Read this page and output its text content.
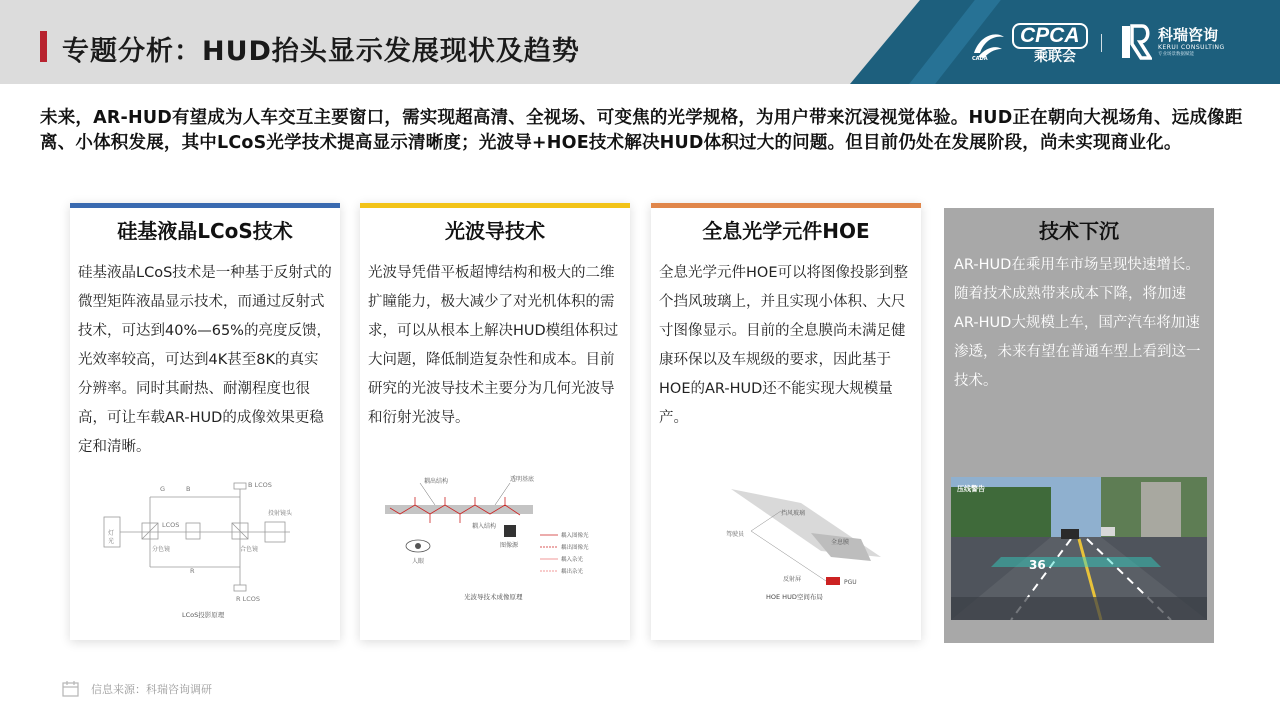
专题分析：HUD抬头显示发展现状及趋势	CADA
CPCA
乘联会
科瑞咨询
KERUI CONSULTING
专业场景数据赋能
未来，AR-HUD有望成为人车交互主要窗口，需实现超高清、全视场、可变焦的光学规格，为用户带来沉浸视觉体验。HUD正在朝向大视场角、远成像距离、小体积发展，其中LCoS光学技术提高显示清晰度；光波导+HOE技术解决HUD体积过大的问题。但目前仍处在发展阶段，尚未实现商业化。
硅基液晶LCoS技术
硅基液晶LCoS技术是一种基于反射式的微型矩阵液晶显示技术，而通过反射式技术，可达到40%—65%的亮度反馈，光效率较高，可达到4K甚至8K的真实分辨率。同时其耐热、耐潮程度也很高，可让车载AR-HUD的成像效果更稳定和清晰。
灯
光
G	B	B LCOS
LCOS
分色镜
投射镜头
合色镜
R
R LCOS
LCoS投影原理
光波导技术
光波导凭借平板超博结构和极大的二维扩瞳能力，极大减少了对光机体积的需求，可以从根本上解决HUD模组体积过大问题，降低制造复杂性和成本。目前研究的光波导技术主要分为几何光波导和衍射光波导。
耦出结构	透明基底
耦入结构
人眼
图像源
耦入图像光
耦出图像光
耦入杂光
耦出杂光
光波导技术成像原理
全息光学元件HOE
全息光学元件HOE可以将图像投影到整个挡风玻璃上，并且实现小体积、大尺寸图像显示。目前的全息膜尚未满足健康环保以及车规级的要求，因此基于HOE的AR-HUD还不能实现大规模量产。
挡风玻璃
驾驶员
全息膜
反射屏	PGU
HOE HUD空间布局
技术下沉
AR-HUD在乘用车市场呈现快速增长。随着技术成熟带来成本下降，将加速AR-HUD大规模上车，国产汽车将加速渗透，未来有望在普通车型上看到这一技术。
压线警告
36
信息来源：科瑞咨询调研
